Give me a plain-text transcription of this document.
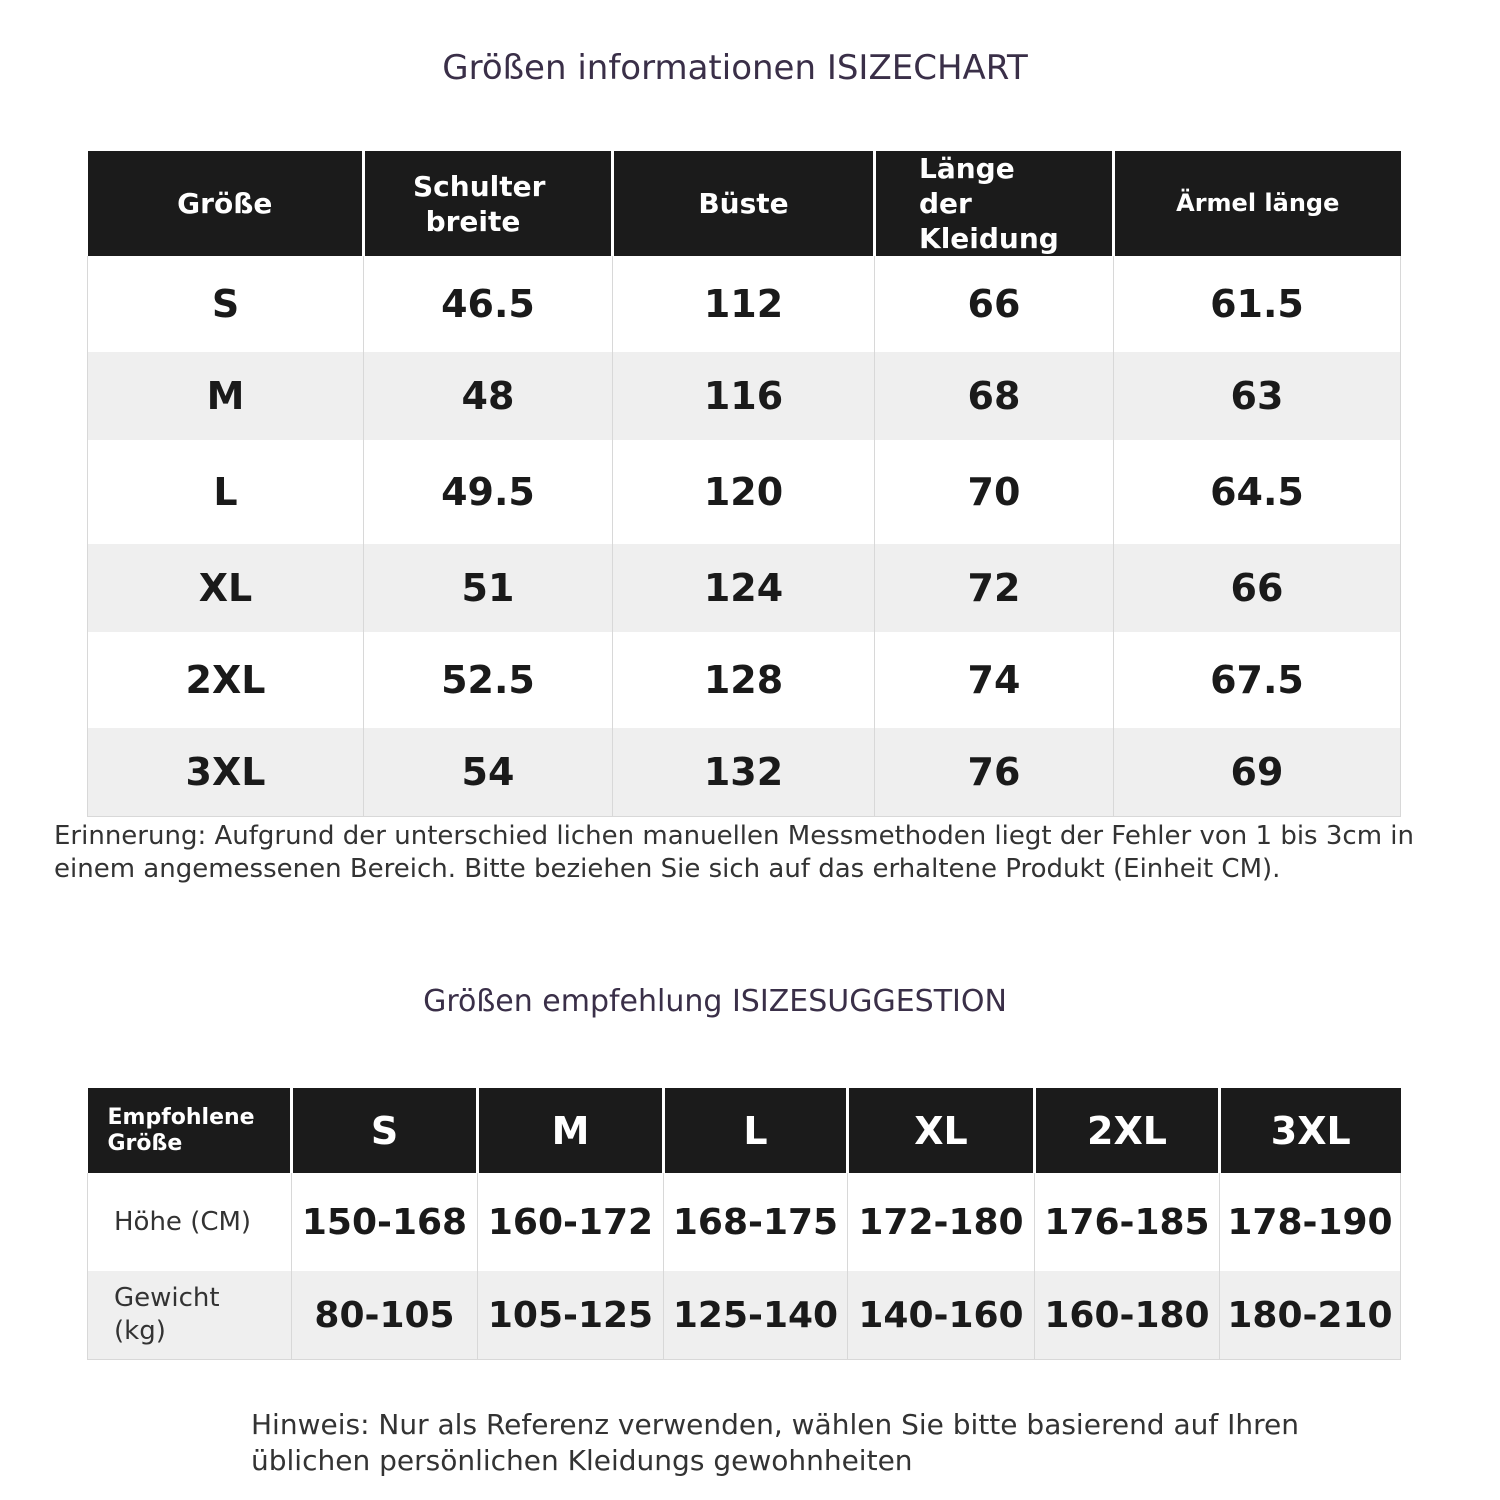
Größen informationen ISIZECHART
Größe	Schulter breite	Büste	Länge der Kleidung	Ärmel länge
S	46.5	112	66	61.5
M	48	116	68	63
L	49.5	120	70	64.5
XL	51	124	72	66
2XL	52.5	128	74	67.5
3XL	54	132	76	69

Erinnerung: Aufgrund der unterschied lichen manuellen Messmethoden liegt der Fehler von 1 bis 3cm in einem angemessenen Bereich. Bitte beziehen Sie sich auf das erhaltene Produkt (Einheit CM).

Größen empfehlung ISIZESUGGESTION
Empfohlene Größe	S	M	L	XL	2XL	3XL
Höhe (CM)	150-168	160-172	168-175	172-180	176-185	178-190

Gewicht (kg)	80-105	105-125	125-140	140-160	160-180	180-210

Hinweis: Nur als Referenz verwenden, wählen Sie bitte basierend auf Ihren üblichen persönlichen Kleidungs gewohnheiten
